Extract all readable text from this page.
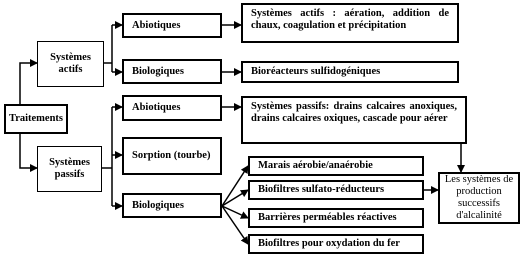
Traitements
Systèmes actifs
Systèmes passifs
Abiotiques
Biologiques
Abiotiques
Sorption (tourbe)
Biologiques
Systèmes actifs : aération, addition de chaux, coagulation et précipitation
Bioréacteurs sulfidogéniques
Systèmes passifs: drains calcaires anoxiques, drains calcaires oxiques, cascade pour aérer
Marais aérobie/anaérobie
Biofiltres sulfato-réducteurs
Barrières perméables réactives
Biofiltres pour oxydation du fer
Les systèmes de production successifs d'alcalinité
